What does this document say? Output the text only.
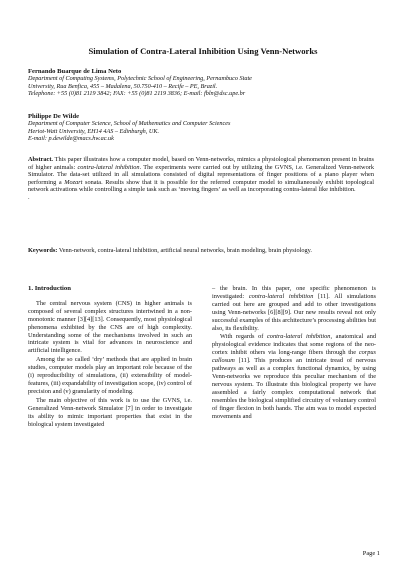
Simulation of Contra-Lateral Inhibition Using Venn-Networks
Fernando Buarque de Lima Neto
Department of Computing Systems, Polytechnic School of Engineering, Pernambuco State
University, Rua Benfica, 455 – Madalena, 50.750-410 – Recife – PE, Brazil.
Telephone: +55 (0)81 2119 3842; FAX: +55 (0)81 2119 3836; E-mail: fbln@dsc.upe.br
Philippe De Wilde
Department of Computer Science, School of Mathematics and Computer Sciences
Heriot-Watt University, EH14 4AS – Edinburgh, UK.
E-mail: p.dewilde@macs.hw.ac.uk
Abstract. This paper illustrates how a computer model, based on Venn-networks, mimics a physiological phenomenon present in brains of higher animals: contra-lateral inhibition. The experiments were carried out by utilizing the GVNS, i.e. Generalized Venn-network Simulator. The data-set utilized in all simulations consisted of digital representations of finger positions of a piano player when performing a Mozart sonata. Results show that it is possible for the referred computer model to simultaneously exhibit topological network activations while controlling a simple task such as ‘moving fingers’ as well as incorporating contra-lateral like inhibition.
.
Keywords: Venn-network, contra-lateral inhibition, artificial neural networks, brain modeling, brain physiology.
1. Introduction

The central nervous system (CNS) in higher animals is composed of several complex structures intertwined in a non-monotonic manner [3][4][13]. Consequently, most physiological phenomena exhibited by the CNS are of high complexity. Understanding some of the mechanisms involved in such an intricate system is vital for advances in neuroscience and artificial intelligence.

Among the so called ‘dry’ methods that are applied in brain studies, computer models play an important role because of the (i) reproducibility of simulations, (ii) extensibility of model-features, (iii) expandability of investigation scope, (iv) control of precision and (v) granularity of modeling.

The main objective of this work is to use the GVNS, i.e. Generalized Venn-network Simulator [7] in order to investigate its ability to mimic important properties that exist in the biological system investigated

– the brain. In this paper, one specific phenomenon is investigated: contra-lateral inhibition [11]. All simulations carried out here are grouped and add to other investigations using Venn-networks [6][8][9]. Our new results reveal not only successful examples of this architecture’s processing abilities but also, its flexibility.

With regards of contra-lateral inhibition, anatomical and physiological evidence indicates that some regions of the neo-cortex inhibit others via long-range fibers through the corpus callosum [11]. This produces an intricate tread of nervous pathways as well as a complex functional dynamics, by using Venn-networks we reproduce this peculiar mechanism of the nervous system. To illustrate this biological property we have assembled a fairly complex computational network that resembles the biological simplified circuitry of voluntary control of finger flexion in both hands. The aim was to model expected movements and

Page 1
